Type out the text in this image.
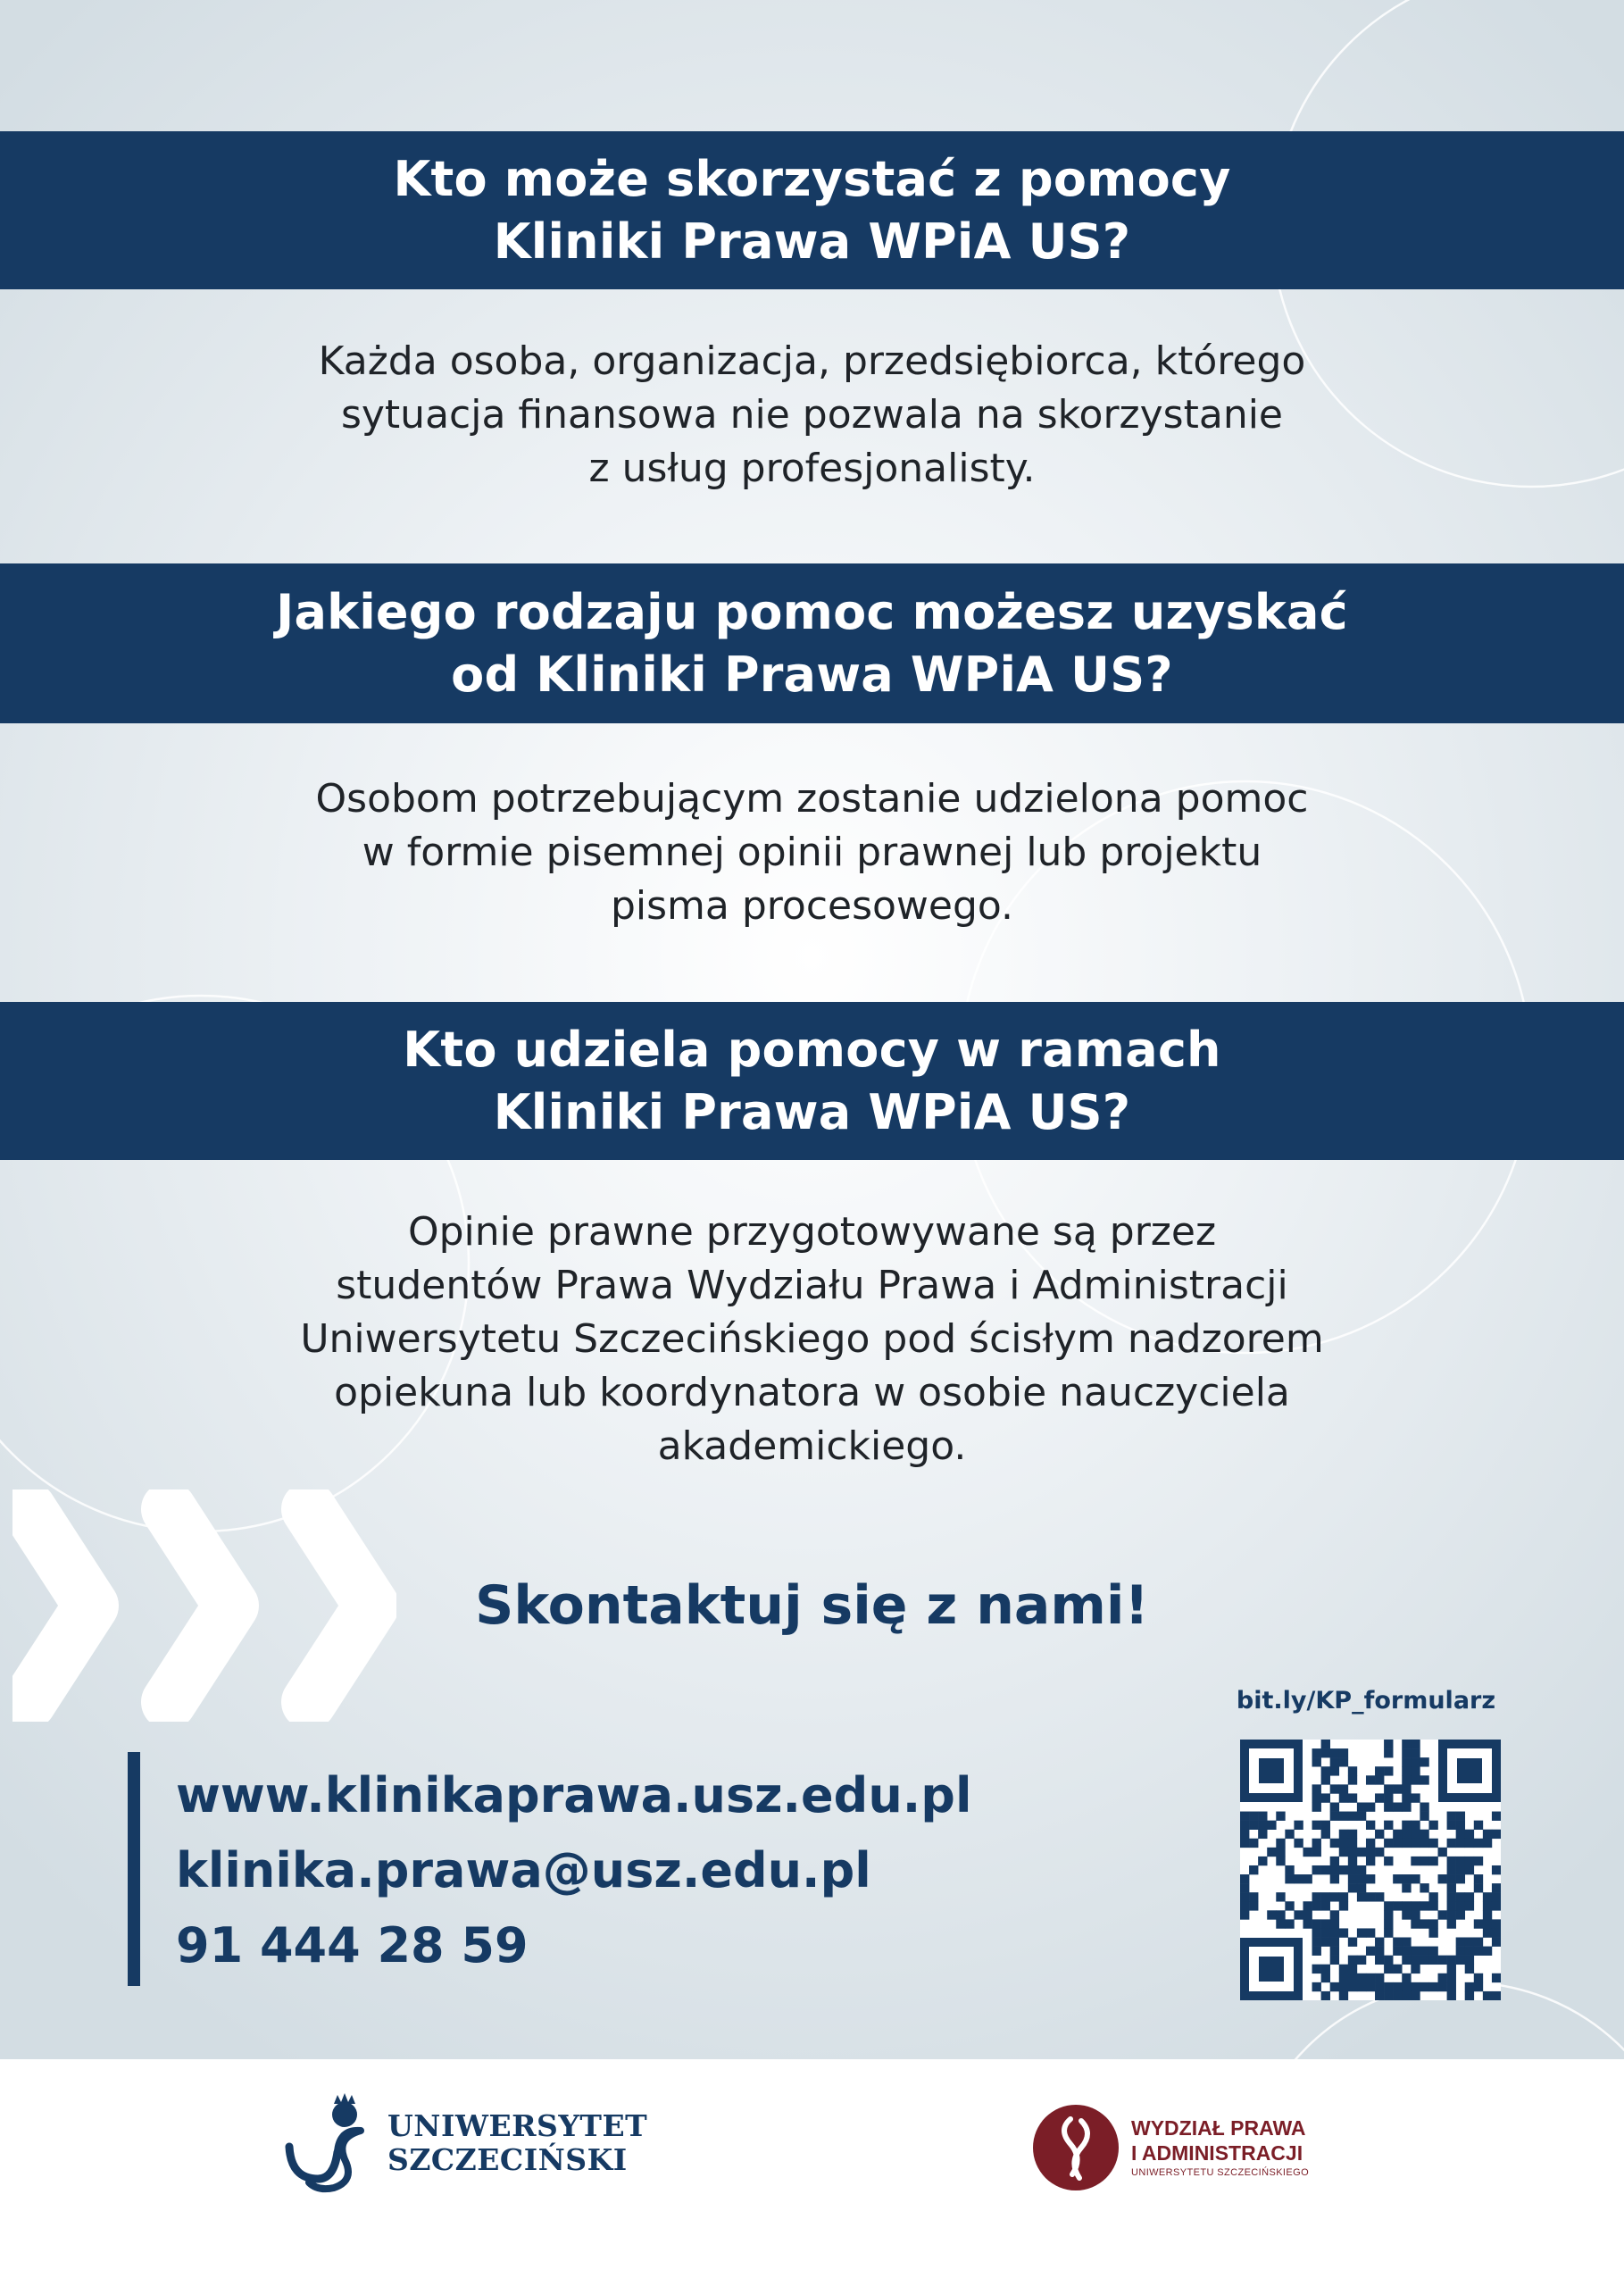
Kto może skorzystać z pomocy
Kliniki Prawa WPiA US?

Każda osoba, organizacja, przedsiębiorca, którego
sytuacja finansowa nie pozwala na skorzystanie
z usług profesjonalisty.

Jakiego rodzaju pomoc możesz uzyskać
od Kliniki Prawa WPiA US?

Osobom potrzebującym zostanie udzielona pomoc
w formie pisemnej opinii prawnej lub projektu
pisma procesowego.

Kto udziela pomocy w ramach
Kliniki Prawa WPiA US?

Opinie prawne przygotowywane są przez
studentów Prawa Wydziału Prawa i Administracji
Uniwersytetu Szczecińskiego pod ścisłym nadzorem
opiekuna lub koordynatora w osobie nauczyciela
akademickiego.

Skontaktuj się z nami!

www.klinikaprawa.usz.edu.pl
klinika.prawa@usz.edu.pl
91 444 28 59
bit.ly/KP_formularz
UNIWERSYTET
SZCZECIŃSKI
WYDZIAŁ PRAWA
I ADMINISTRACJI
UNIWERSYTETU SZCZECIŃSKIEGO
